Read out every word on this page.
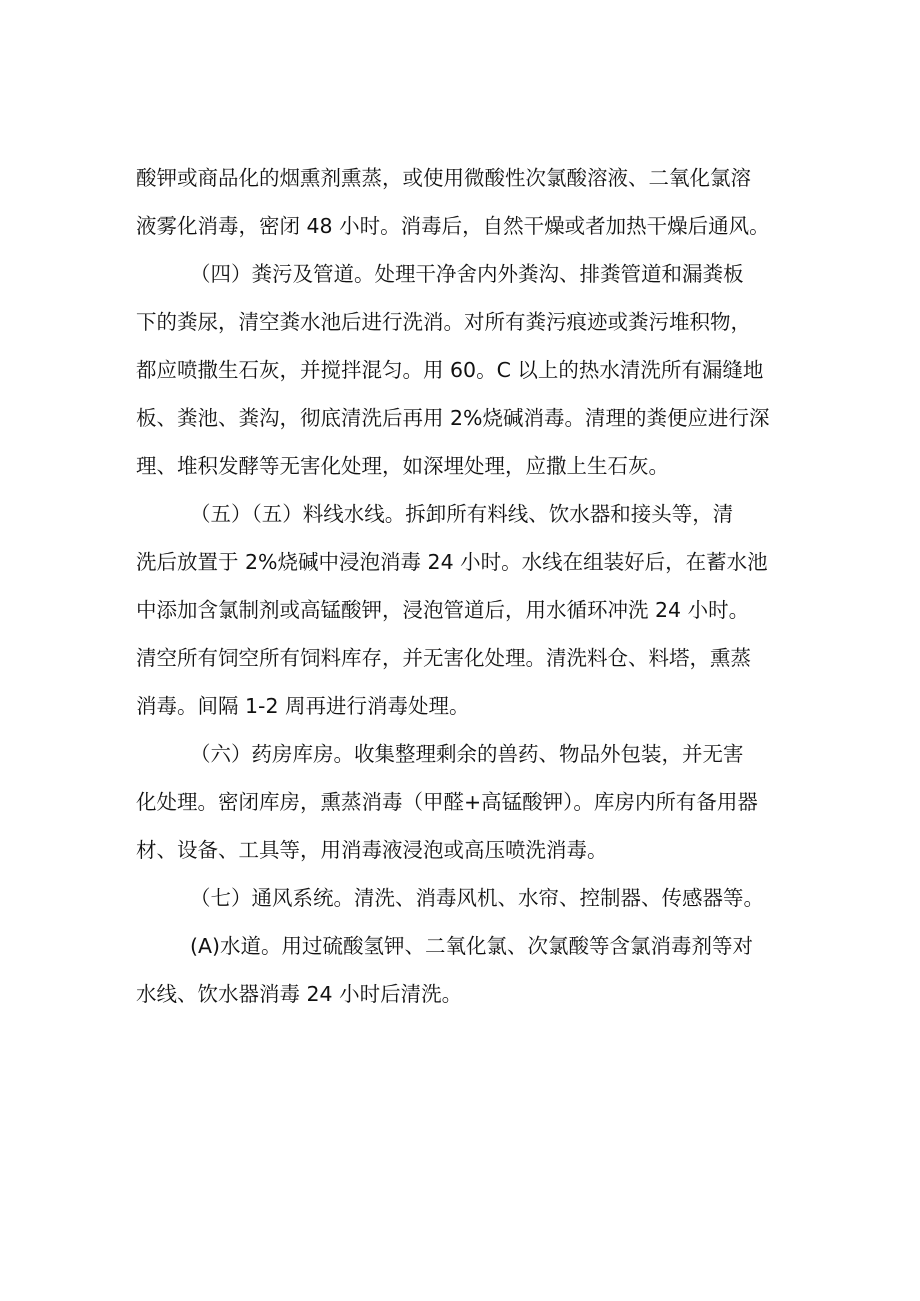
酸钾或商品化的烟熏剂熏蒸，或使用微酸性次氯酸溶液、二氧化氯溶
液雾化消毒，密闭 48 小时。消毒后，自然干燥或者加热干燥后通风。
（四）粪污及管道。处理干净舍内外粪沟、排粪管道和漏粪板
下的粪尿，清空粪水池后进行洗消。对所有粪污痕迹或粪污堆积物，
都应喷撒生石灰，并搅拌混匀。用 60。C 以上的热水清洗所有漏缝地
板、粪池、粪沟，彻底清洗后再用 2%烧碱消毒。清理的粪便应进行深
理、堆积发酵等无害化处理，如深埋处理，应撒上生石灰。
（五）（五）料线水线。拆卸所有料线、饮水器和接头等，清
洗后放置于 2%烧碱中浸泡消毒 24 小时。水线在组装好后，在蓄水池
中添加含氯制剂或高锰酸钾，浸泡管道后，用水循环冲洗 24 小时。
清空所有饲空所有饲料库存，并无害化处理。清洗料仓、料塔，熏蒸
消毒。间隔 1-2 周再进行消毒处理。
（六）药房库房。收集整理剩余的兽药、物品外包装，并无害
化处理。密闭库房，熏蒸消毒（甲醛+高锰酸钾）。库房内所有备用器
材、设备、工具等，用消毒液浸泡或高压喷洗消毒。
（七）通风系统。清洗、消毒风机、水帘、控制器、传感器等。
(A)水道。用过硫酸氢钾、二氧化氯、次氯酸等含氯消毒剂等对
水线、饮水器消毒 24 小时后清洗。
